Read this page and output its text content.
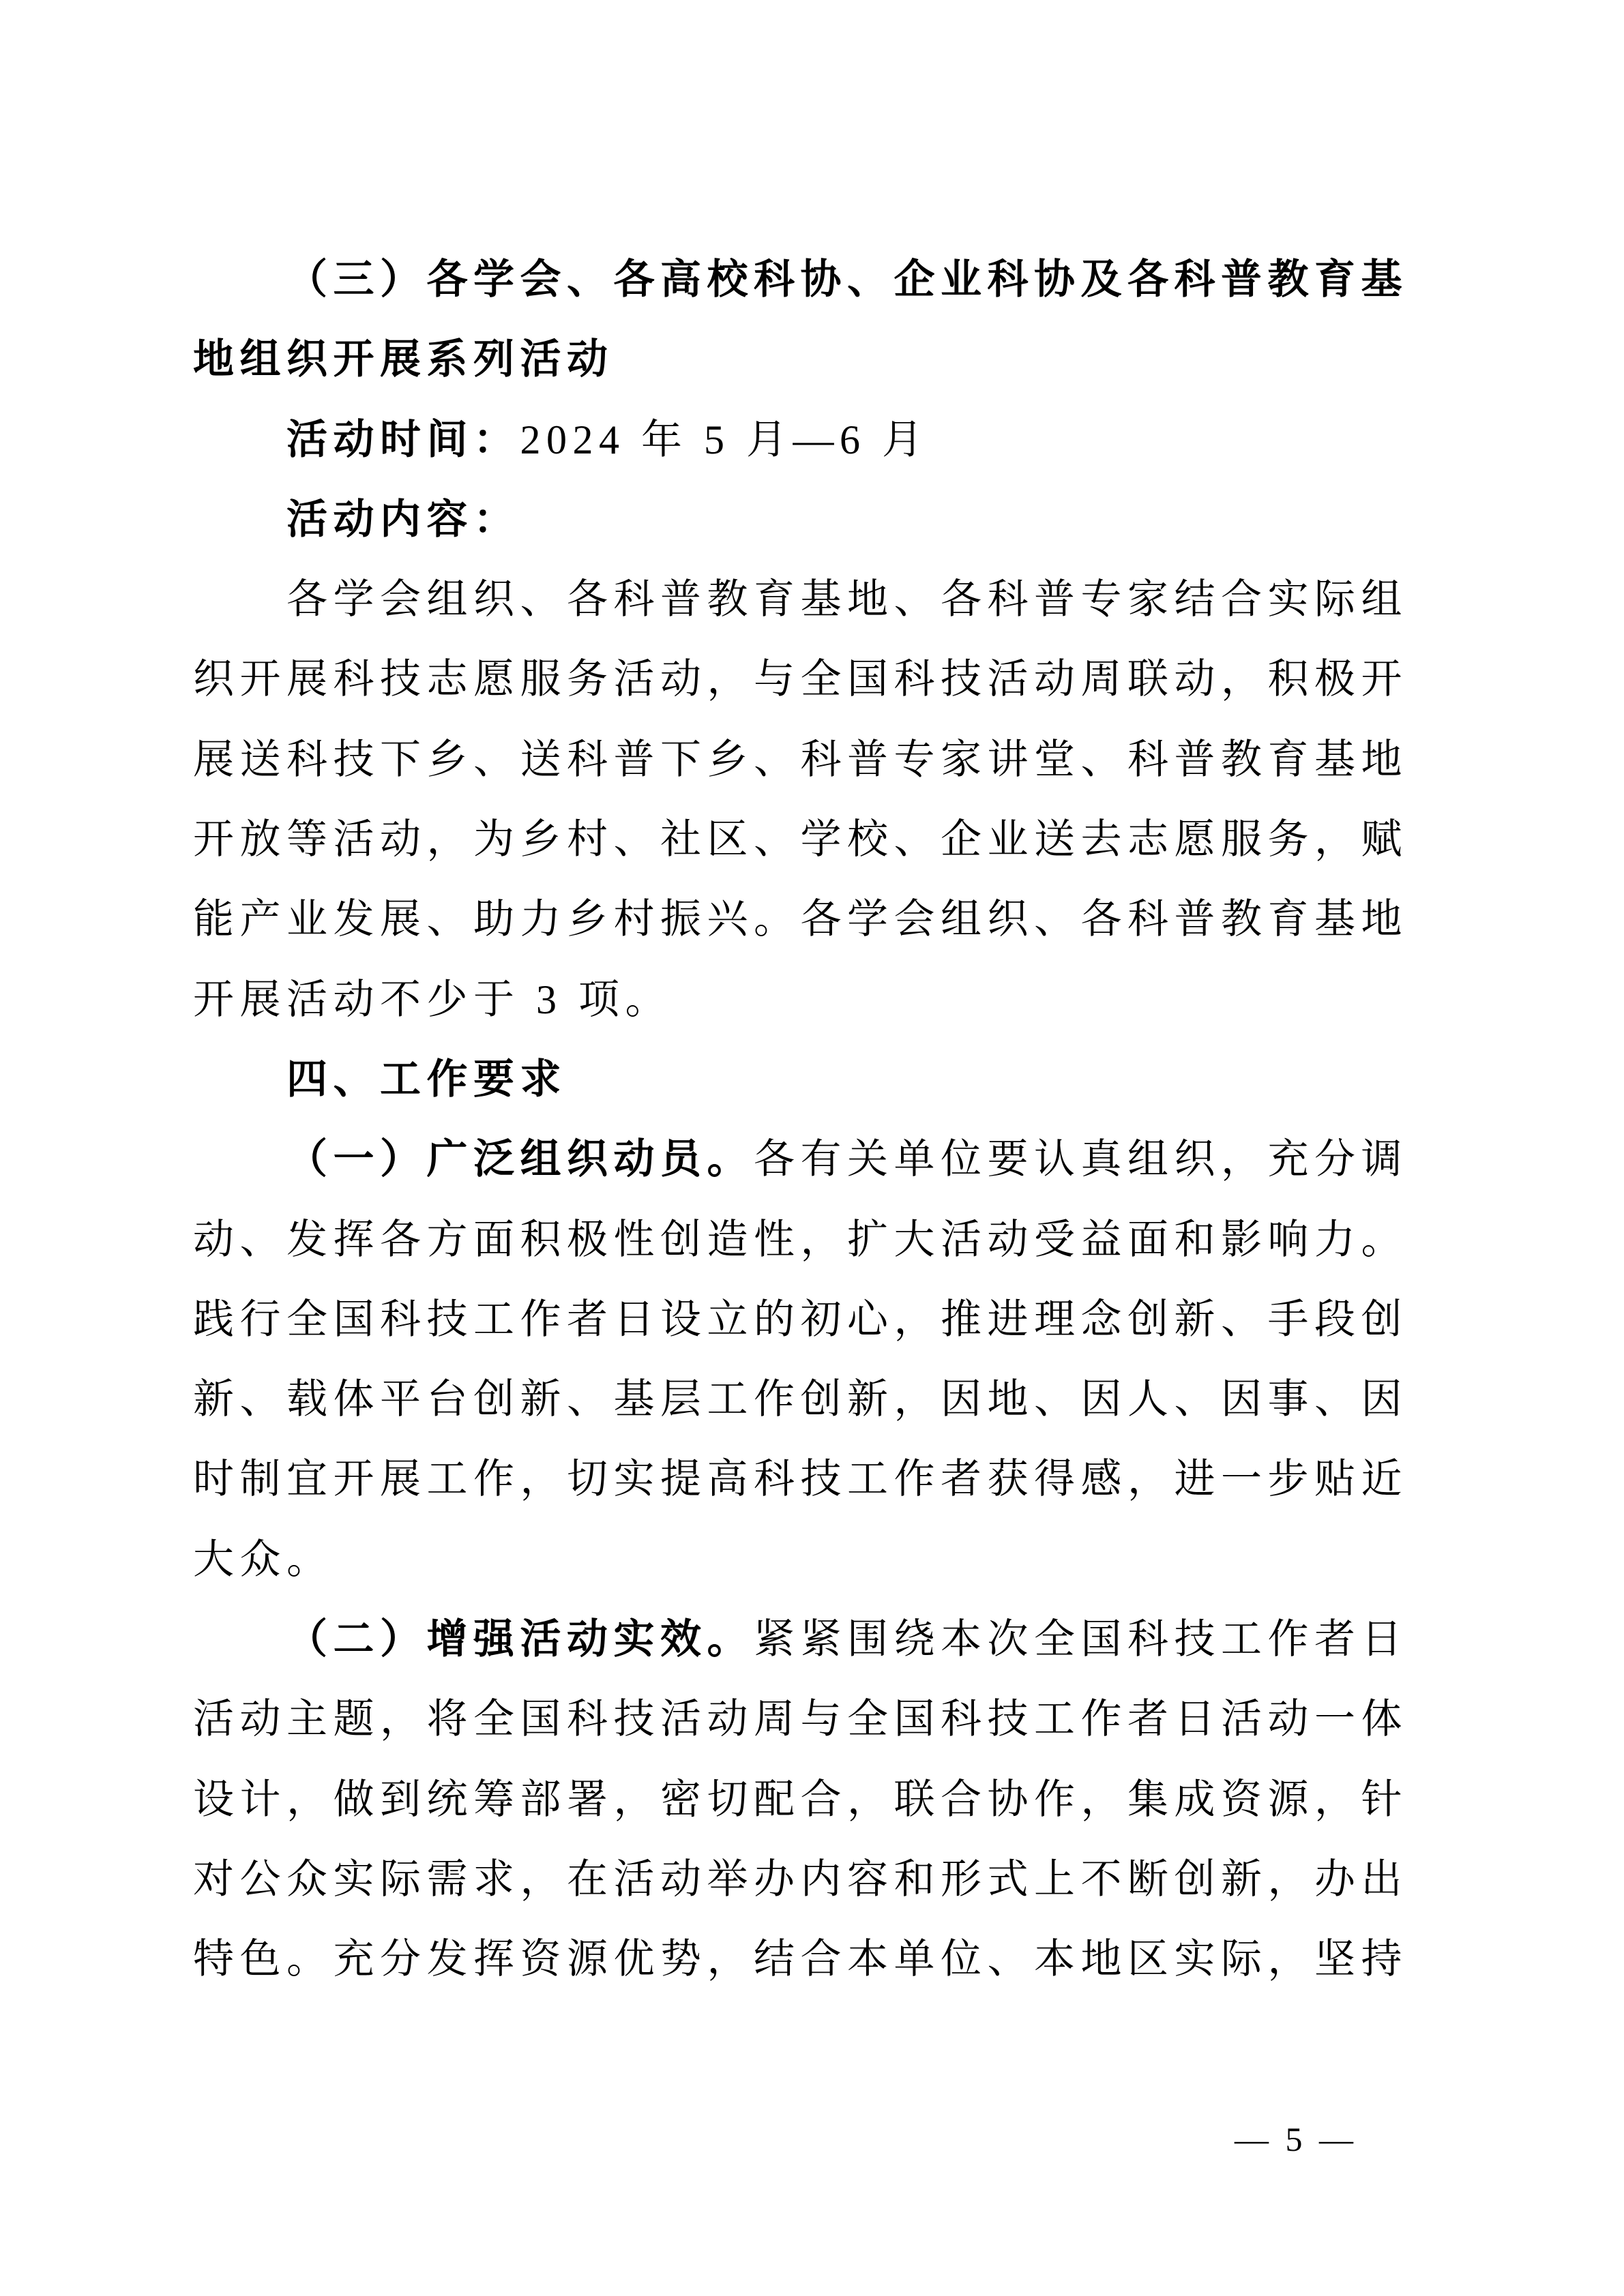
（三）各学会、各高校科协、企业科协及各科普教育基
地组织开展系列活动
活动时间：2024 年 5 月—6 月
活动内容：
各学会组织、各科普教育基地、各科普专家结合实际组
织开展科技志愿服务活动，与全国科技活动周联动，积极开
展送科技下乡、送科普下乡、科普专家讲堂、科普教育基地
开放等活动，为乡村、社区、学校、企业送去志愿服务，赋
能产业发展、助力乡村振兴。各学会组织、各科普教育基地
开展活动不少于 3 项。
四、工作要求
（一）广泛组织动员。各有关单位要认真组织，充分调
动、发挥各方面积极性创造性，扩大活动受益面和影响力。
践行全国科技工作者日设立的初心，推进理念创新、手段创
新、载体平台创新、基层工作创新，因地、因人、因事、因
时制宜开展工作，切实提高科技工作者获得感，进一步贴近
大众。
（二）增强活动实效。紧紧围绕本次全国科技工作者日
活动主题，将全国科技活动周与全国科技工作者日活动一体
设计，做到统筹部署，密切配合，联合协作，集成资源，针
对公众实际需求，在活动举办内容和形式上不断创新，办出
特色。充分发挥资源优势，结合本单位、本地区实际，坚持

— 5 —
